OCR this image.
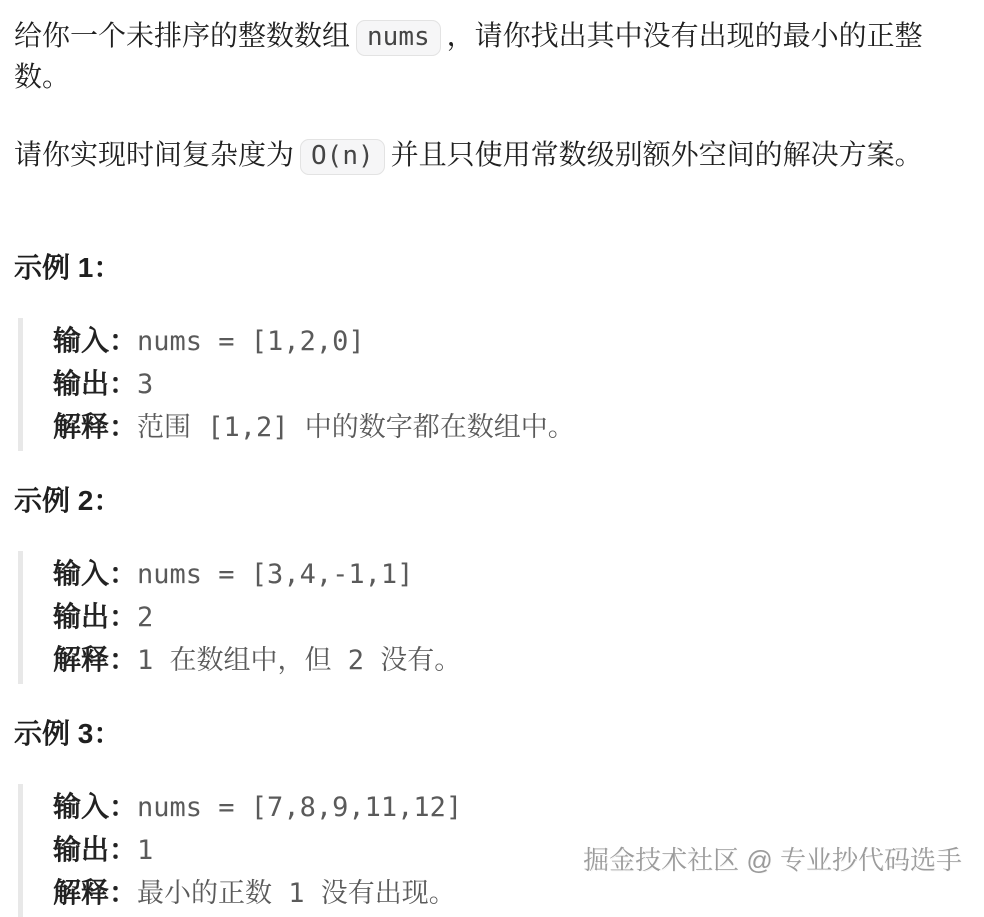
给你一个未排序的整数数组 nums ，请你找出其中没有出现的最小的正整数。

请你实现时间复杂度为 O(n) 并且只使用常数级别额外空间的解决方案。

示例 1：
输入：nums = [1,2,0]
输出：3
解释：范围 [1,2] 中的数字都在数组中。
示例 2：
输入：nums = [3,4,-1,1]
输出：2
解释：1 在数组中，但 2 没有。
示例 3：
输入：nums = [7,8,9,11,12]
输出：1
解释：最小的正数 1 没有出现。
掘金技术社区 @ 专业抄代码选手
